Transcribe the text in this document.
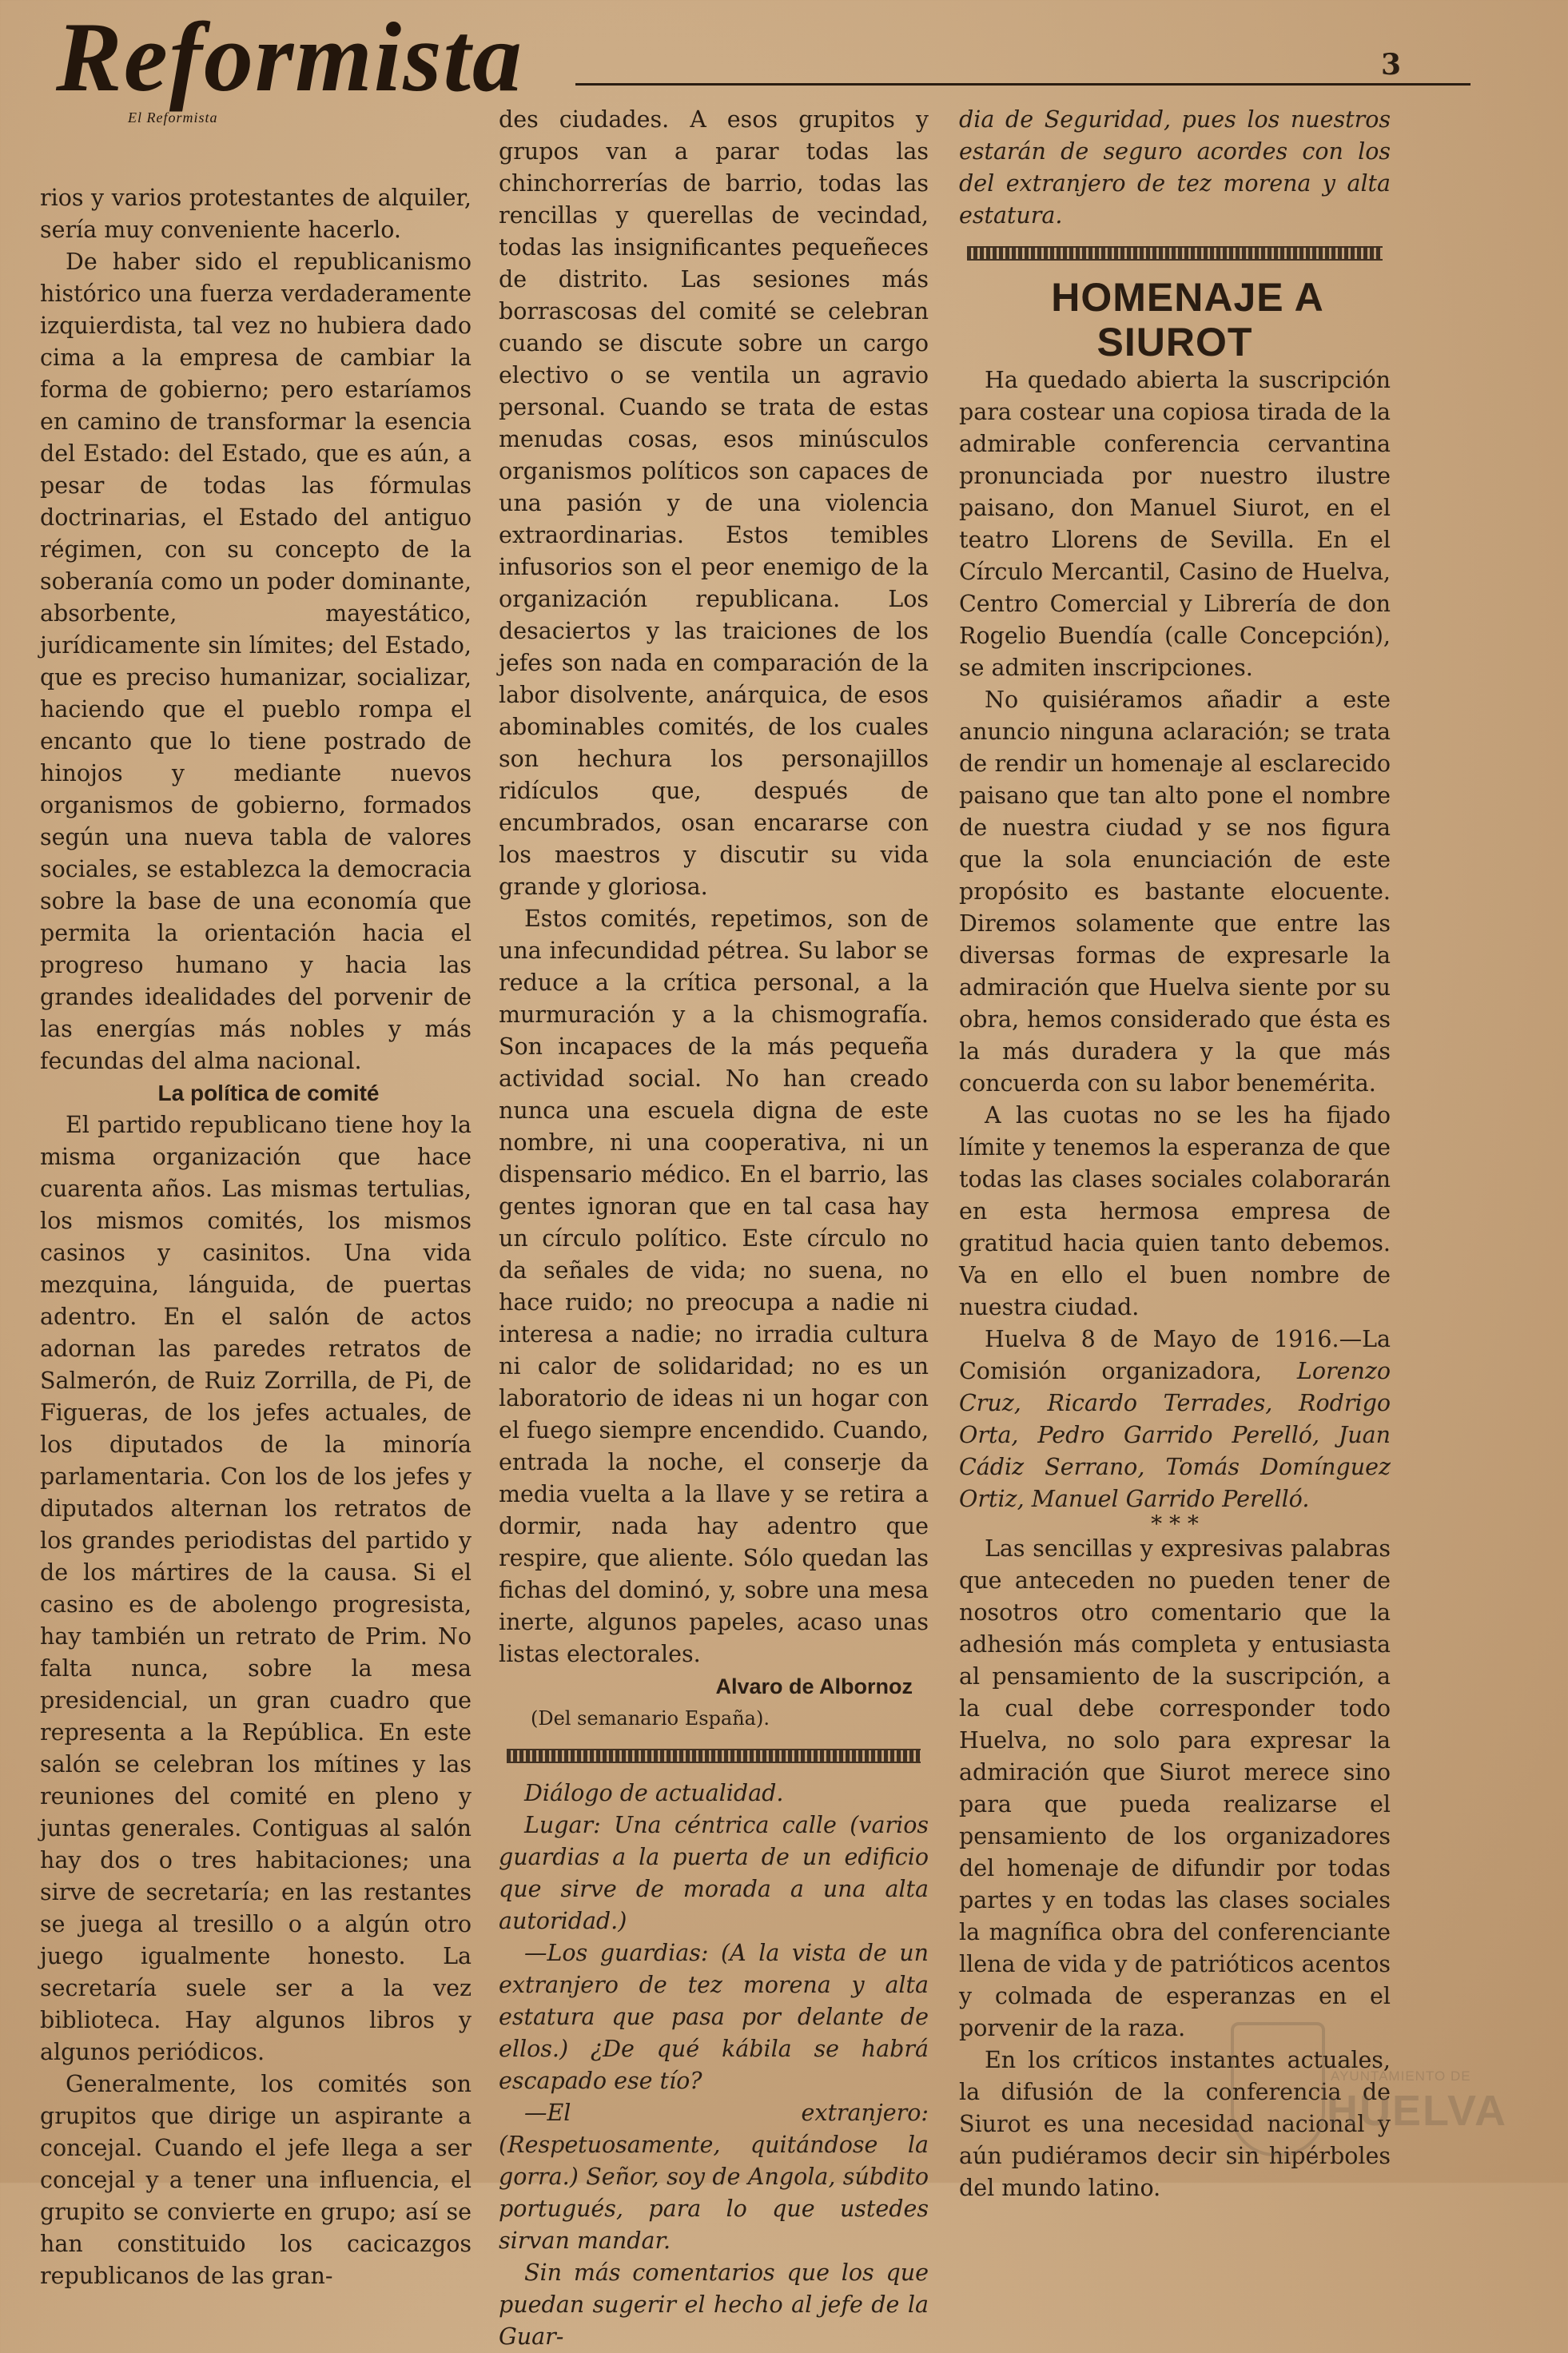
Reformista
El Reformista
3

rios y varios protestantes de alquiler, sería muy conveniente hacerlo.

De haber sido el republicanismo histórico una fuerza verdaderamente izquierdista, tal vez no hubiera dado cima a la empresa de cambiar la forma de gobierno; pero estaríamos en camino de transformar la esencia del Estado: del Estado, que es aún, a pesar de todas las fórmulas doctrinarias, el Estado del antiguo régimen, con su concepto de la soberanía como un poder dominante, absorbente, mayestático, jurídicamente sin límites; del Estado, que es preciso humanizar, socializar, haciendo que el pueblo rompa el encanto que lo tiene postrado de hinojos y mediante nuevos organismos de gobierno, formados según una nueva tabla de valores sociales, se establezca la democracia sobre la base de una economía que permita la orientación hacia el progreso humano y hacia las grandes idealidades del porvenir de las energías más nobles y más fecundas del alma nacional.

La política de comité

El partido republicano tiene hoy la misma organización que hace cuarenta años. Las mismas tertulias, los mismos comités, los mismos casinos y casinitos. Una vida mezquina, lánguida, de puertas adentro. En el salón de actos adornan las paredes retratos de Salmerón, de Ruiz Zorrilla, de Pi, de Figueras, de los jefes actuales, de los diputados de la minoría parlamentaria. Con los de los jefes y diputados alternan los retratos de los grandes periodistas del partido y de los mártires de la causa. Si el casino es de abolengo progresista, hay también un retrato de Prim. No falta nunca, sobre la mesa presidencial, un gran cuadro que representa a la República. En este salón se celebran los mítines y las reuniones del comité en pleno y juntas generales. Contiguas al salón hay dos o tres habitaciones; una sirve de secretaría; en las restantes se juega al tresillo o a algún otro juego igualmente honesto. La secretaría suele ser a la vez biblioteca. Hay algunos libros y algunos periódicos.

Generalmente, los comités son grupitos que dirige un aspirante a concejal. Cuando el jefe llega a ser concejal y a tener una influencia, el grupito se convierte en grupo; así se han constituido los cacicazgos republicanos de las gran-

des ciudades. A esos grupitos y grupos van a parar todas las chinchorrerías de barrio, todas las rencillas y querellas de vecindad, todas las insignificantes pequeñeces de distrito. Las sesiones más borrascosas del comité se celebran cuando se discute sobre un cargo electivo o se ventila un agravio personal. Cuando se trata de estas menudas cosas, esos minúsculos organismos políticos son capaces de una pasión y de una violencia extraordinarias. Estos temibles infusorios son el peor enemigo de la organización republicana. Los desaciertos y las traiciones de los jefes son nada en comparación de la labor disolvente, anárquica, de esos abominables comités, de los cuales son hechura los personajillos ridículos que, después de encumbrados, osan encararse con los maestros y discutir su vida grande y gloriosa.

Estos comités, repetimos, son de una infecundidad pétrea. Su labor se reduce a la crítica personal, a la murmuración y a la chismografía. Son incapaces de la más pequeña actividad social. No han creado nunca una escuela digna de este nombre, ni una cooperativa, ni un dispensario médico. En el barrio, las gentes ignoran que en tal casa hay un círculo político. Este círculo no da señales de vida; no suena, no hace ruido; no preocupa a nadie ni interesa a nadie; no irradia cultura ni calor de solidaridad; no es un laboratorio de ideas ni un hogar con el fuego siempre encendido. Cuando, entrada la noche, el conserje da media vuelta a la llave y se retira a dormir, nada hay adentro que respire, que aliente. Sólo quedan las fichas del dominó, y, sobre una mesa inerte, algunos papeles, acaso unas listas electorales.

Alvaro de Albornoz

(Del semanario España).

Diálogo de actualidad.

Lugar: Una céntrica calle (varios guardias a la puerta de un edificio que sirve de morada a una alta autoridad.)

—Los guardias: (A la vista de un extranjero de tez morena y alta estatura que pasa por delante de ellos.) ¿De qué kábila se habrá escapado ese tío?

—El extranjero: (Respetuosamente, quitándose la gorra.) Señor, soy de Angola, súbdito portugués, para lo que ustedes sirvan mandar.

Sin más comentarios que los que puedan sugerir el hecho al jefe de la Guar-

dia de Seguridad, pues los nuestros estarán de seguro acordes con los del extranjero de tez morena y alta estatura.

HOMENAJE A SIUROT

Ha quedado abierta la suscripción para costear una copiosa tirada de la admirable conferencia cervantina pronunciada por nuestro ilustre paisano, don Manuel Siurot, en el teatro Llorens de Sevilla. En el Círculo Mercantil, Casino de Huelva, Centro Comercial y Librería de don Rogelio Buendía (calle Concepción), se admiten inscripciones.

No quisiéramos añadir a este anuncio ninguna aclaración; se trata de rendir un homenaje al esclarecido paisano que tan alto pone el nombre de nuestra ciudad y se nos figura que la sola enunciación de este propósito es bastante elocuente. Diremos solamente que entre las diversas formas de expresarle la admiración que Huelva siente por su obra, hemos considerado que ésta es la más duradera y la que más concuerda con su labor benemérita.

A las cuotas no se les ha fijado límite y tenemos la esperanza de que todas las clases sociales colaborarán en esta hermosa empresa de gratitud hacia quien tanto debemos. Va en ello el buen nombre de nuestra ciudad.

Huelva 8 de Mayo de 1916.—La Comisión organizadora, Lorenzo Cruz, Ricardo Terrades, Rodrigo Orta, Pedro Garrido Perelló, Juan Cádiz Serrano, Tomás Domínguez Ortiz, Manuel Garrido Perelló.

* * *

Las sencillas y expresivas palabras que anteceden no pueden tener de nosotros otro comentario que la adhesión más completa y entusiasta al pensamiento de la suscripción, a la cual debe corresponder todo Huelva, no solo para expresar la admiración que Siurot merece sino para que pueda realizarse el pensamiento de los organizadores del homenaje de difundir por todas partes y en todas las clases sociales la magnífica obra del conferenciante llena de vida y de patrióticos acentos y colmada de esperanzas en el porvenir de la raza.

En los críticos instantes actuales, la difusión de la conferencia de Siurot es una necesidad nacional y aún pudiéramos decir sin hipérboles del mundo latino.

AYUNTAMIENTO DE
HUELVA
